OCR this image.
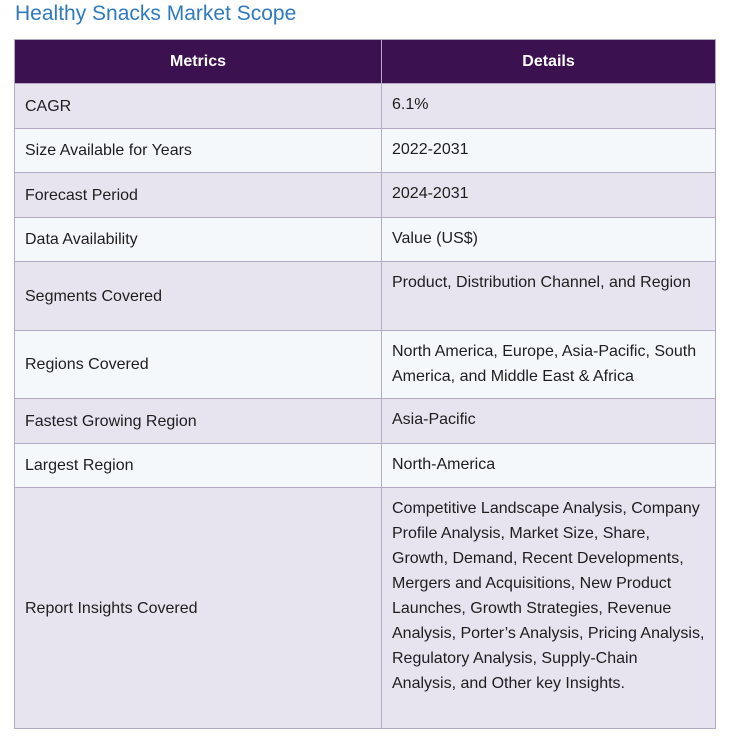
Healthy Snacks Market Scope
Metrics	Details
CAGR	6.1%
Size Available for Years	2022-2031
Forecast Period	2024-2031
Data Availability	Value (US$)
Segments Covered	Product, Distribution Channel, and Region
Regions Covered	North America, Europe, Asia-Pacific, South America, and Middle East & Africa
Fastest Growing Region	Asia-Pacific
Largest Region	North-America
Report Insights Covered	Competitive Landscape Analysis, Company Profile Analysis, Market Size, Share, Growth, Demand, Recent Developments, Mergers and Acquisitions, New Product Launches, Growth Strategies, Revenue Analysis, Porter’s Analysis, Pricing Analysis, Regulatory Analysis, Supply-Chain Analysis, and Other key Insights.
